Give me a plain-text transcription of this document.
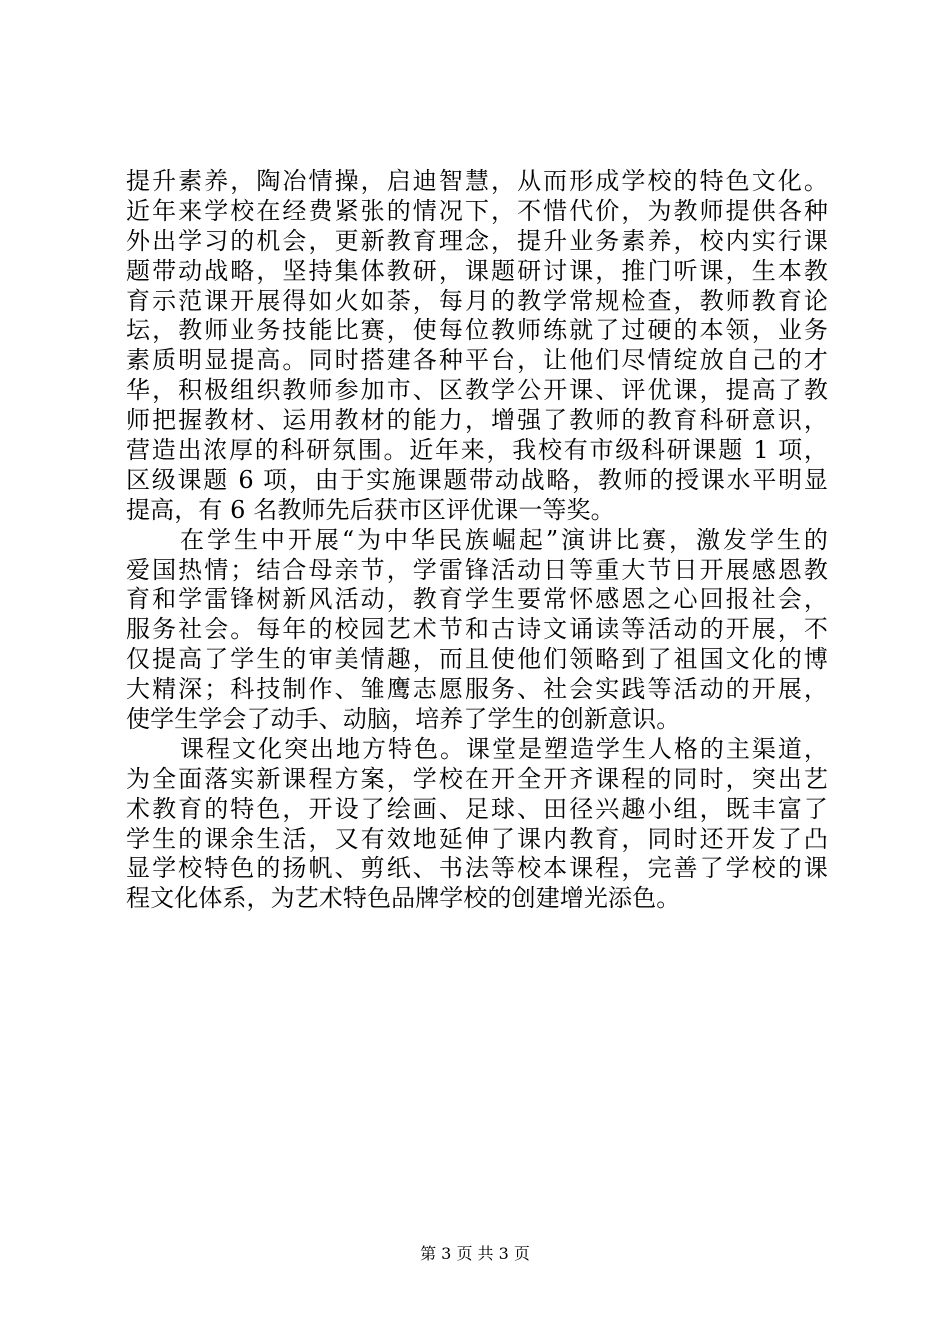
提升素养，陶冶情操，启迪智慧，从而形成学校的特色文化。
近年来学校在经费紧张的情况下，不惜代价，为教师提供各种
外出学习的机会，更新教育理念，提升业务素养，校内实行课
题带动战略，坚持集体教研，课题研讨课，推门听课，生本教
育示范课开展得如火如荼，每月的教学常规检查，教师教育论
坛，教师业务技能比赛，使每位教师练就了过硬的本领，业务
素质明显提高。同时搭建各种平台，让他们尽情绽放自己的才
华，积极组织教师参加市、区教学公开课、评优课，提高了教
师把握教材、运用教材的能力，增强了教师的教育科研意识，
营造出浓厚的科研氛围。近年来，我校有市级科研课题 1 项，
区级课题 6 项，由于实施课题带动战略，教师的授课水平明显
提高，有 6 名教师先后获市区评优课一等奖。
在学生中开展“为中华民族崛起”演讲比赛，激发学生的
爱国热情；结合母亲节，学雷锋活动日等重大节日开展感恩教
育和学雷锋树新风活动，教育学生要常怀感恩之心回报社会，
服务社会。每年的校园艺术节和古诗文诵读等活动的开展，不
仅提高了学生的审美情趣，而且使他们领略到了祖国文化的博
大精深；科技制作、雏鹰志愿服务、社会实践等活动的开展，
使学生学会了动手、动脑，培养了学生的创新意识。
课程文化突出地方特色。课堂是塑造学生人格的主渠道，
为全面落实新课程方案，学校在开全开齐课程的同时，突出艺
术教育的特色，开设了绘画、足球、田径兴趣小组，既丰富了
学生的课余生活，又有效地延伸了课内教育，同时还开发了凸
显学校特色的扬帆、剪纸、书法等校本课程，完善了学校的课
程文化体系，为艺术特色品牌学校的创建增光添色。
第 3 页 共 3 页
